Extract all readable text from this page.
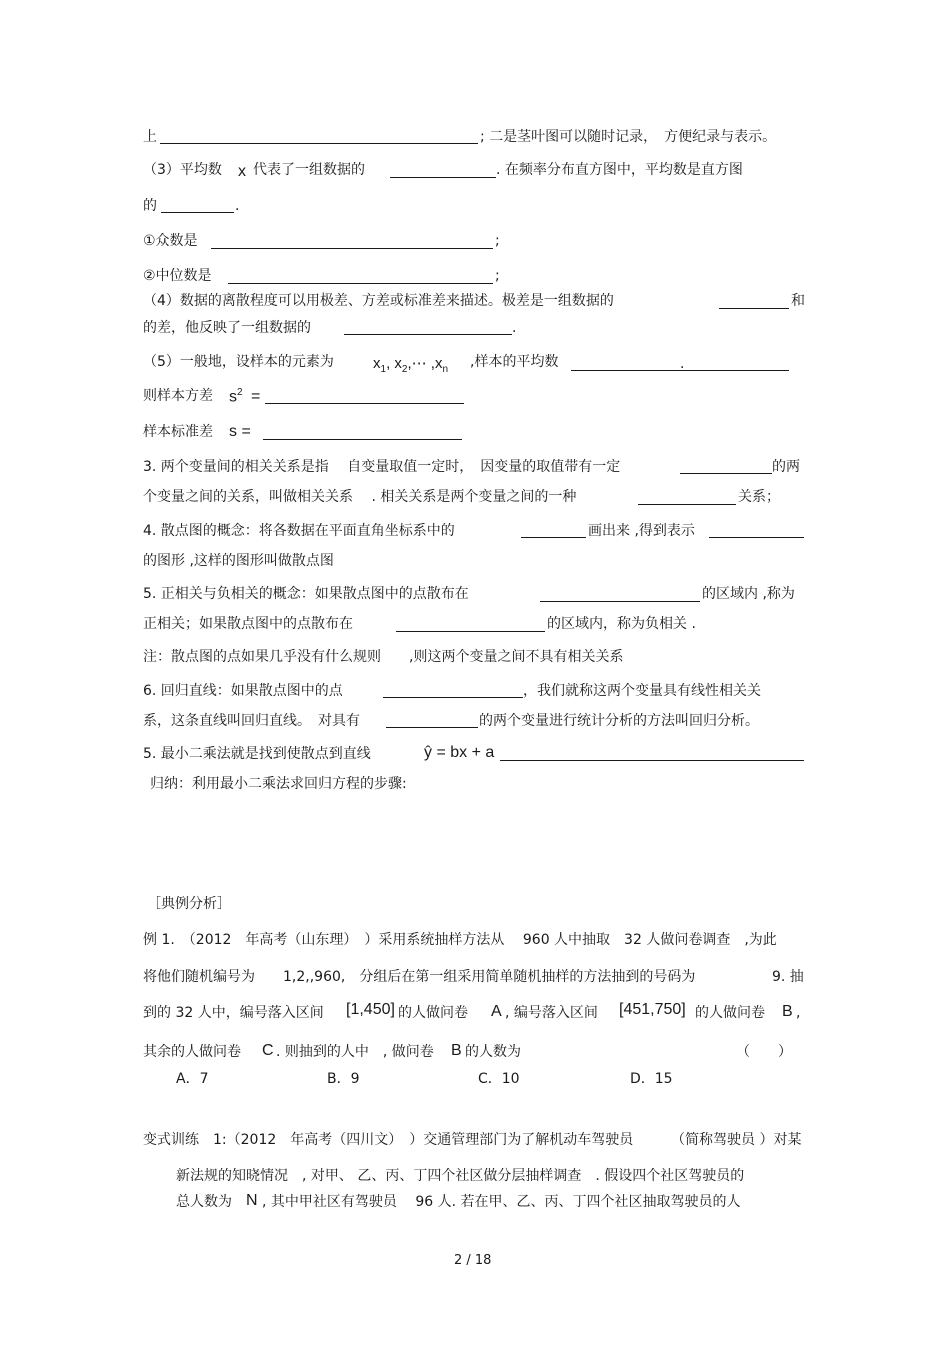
上	; 二是茎叶图可以随时记录，　方便纪录与表示。
（3）平均数 x 代表了一组数据的	. 在频率分布直方图中，平均数是直方图
的	.
①众数是	;
②中位数是	;
（4）数据的离散程度可以用极差、方差或标准差来描述。极差是一组数据的	和
的差，他反映了一组数据的	.
（5）一般地，设样本的元素为	$x_1$, $x_2,\cdots$ $,x_n$ ,样本的平均数	.
则样本方差 $s^2$ =
样本标准差 s =
3. 两个变量间的相关关系是指　 自变量取值一定时，　因变量的取值带有一定	的两
个变量之间的关系，叫做相关关系　 . 相关关系是两个变量之间的一种	关系；
4. 散点图的概念：将各数据在平面直角坐标系中的	画出来 ,得到表示
的图形 ,这样的图形叫做散点图
5. 正相关与负相关的概念：如果散点图中的点散布在	的区域内 ,称为
正相关；如果散点图中的点散布在	的区域内，称为负相关 .
注：散点图的点如果几乎没有什么规则　　,则这两个变量之间不具有相关关系
6. 回归直线：如果散点图中的点	，我们就称这两个变量具有线性相关关
系，这条直线叫回归直线。　对具有	的两个变量进行统计分析的方法叫回归分析。
5. 最小二乘法就是找到使散点到直线	ŷ = bx + a
归纳：利用最小二乘法求回归方程的步骤:
［典例分析］
例 1.　（2012　年高考（山东理）　）采用系统抽样方法从　 960 人中抽取　32 人做问卷调查　,为此
将他们随机编号为　　1,2,,960,　分组后在第一组采用简单随机抽样的方法抽到的号码为	9. 抽
到的 32 人中，编号落入区间 [1,450] 的人做问卷 A , 编号落入区间 [451,750] 的人做问卷 B ,
其余的人做问卷 C . 则抽到的人中　, 做问卷 B 的人数为	（　　）
A．7	B．9	C．10	D．15
变式训练　1:（2012　年高考（四川文）　）交通管理部门为了解机动车驾驶员	（简称驾驶员 ）对某
新法规的知晓情况　, 对甲、 乙、丙、丁四个社区做分层抽样调查　. 假设四个社区驾驶员的
总人数为 N , 其中甲社区有驾驶员　 96 人. 若在甲、乙、丙、丁四个社区抽取驾驶员的人
2 / 18
